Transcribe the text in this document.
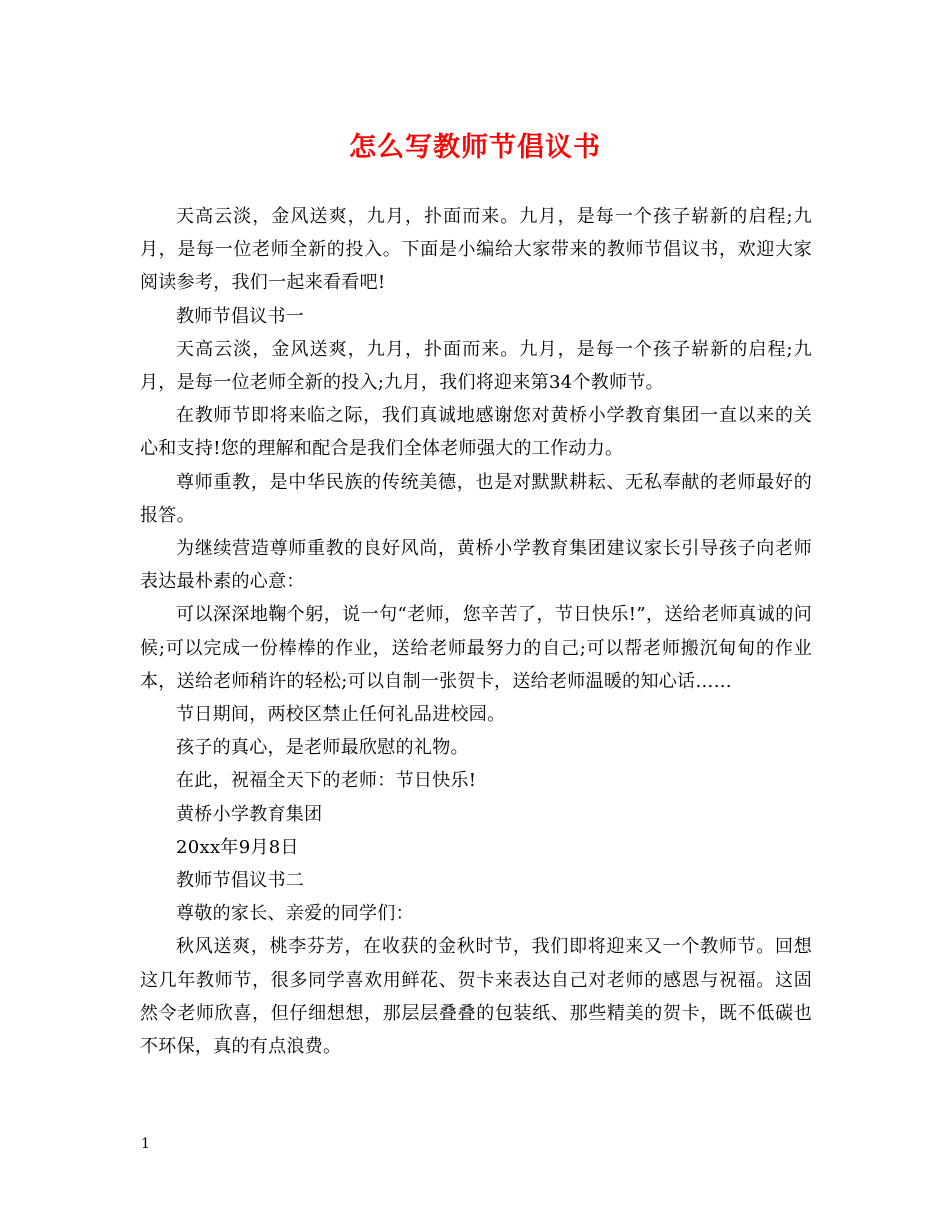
怎么写教师节倡议书

天高云淡，金风送爽，九月，扑面而来。九月，是每一个孩子崭新的启程;九月，是每一位老师全新的投入。下面是小编给大家带来的教师节倡议书，欢迎大家阅读参考，我们一起来看看吧!

教师节倡议书一

天高云淡，金风送爽，九月，扑面而来。九月，是每一个孩子崭新的启程;九月，是每一位老师全新的投入;九月，我们将迎来第34个教师节。

在教师节即将来临之际，我们真诚地感谢您对黄桥小学教育集团一直以来的关心和支持!您的理解和配合是我们全体老师强大的工作动力。

尊师重教，是中华民族的传统美德，也是对默默耕耘、无私奉献的老师最好的报答。

为继续营造尊师重教的良好风尚，黄桥小学教育集团建议家长引导孩子向老师表达最朴素的心意：

可以深深地鞠个躬，说一句“老师，您辛苦了，节日快乐!”，送给老师真诚的问候;可以完成一份棒棒的作业，送给老师最努力的自己;可以帮老师搬沉甸甸的作业本，送给老师稍许的轻松;可以自制一张贺卡，送给老师温暖的知心话……

节日期间，两校区禁止任何礼品进校园。

孩子的真心，是老师最欣慰的礼物。

在此，祝福全天下的老师：节日快乐!

黄桥小学教育集团

20xx年9月8日

教师节倡议书二

尊敬的家长、亲爱的同学们：

秋风送爽，桃李芬芳，在收获的金秋时节，我们即将迎来又一个教师节。回想这几年教师节，很多同学喜欢用鲜花、贺卡来表达自己对老师的感恩与祝福。这固然令老师欣喜，但仔细想想，那层层叠叠的包装纸、那些精美的贺卡，既不低碳也不环保，真的有点浪费。

1
